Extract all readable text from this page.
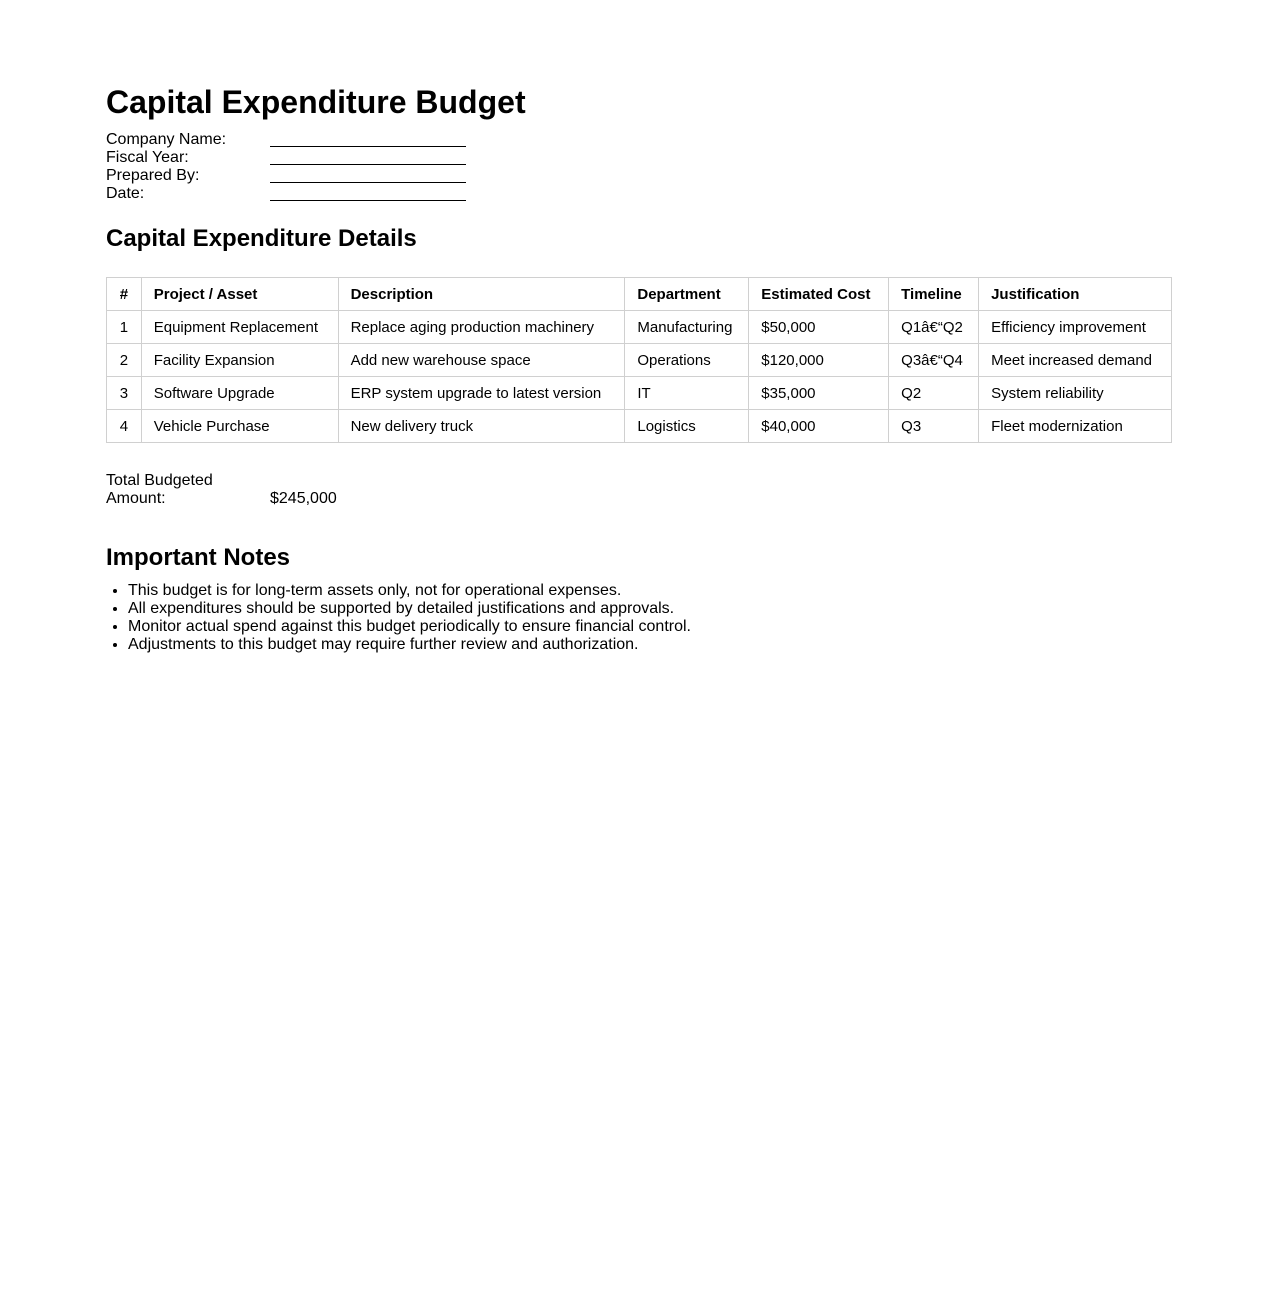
Capital Expenditure Budget
Company Name:
Fiscal Year:
Prepared By:
Date:
Capital Expenditure Details
#	Project / Asset	Description	Department	Estimated Cost	Timeline	Justification
1	Equipment Replacement	Replace aging production machinery	Manufacturing	$50,000	Q1â€“Q2	Efficiency improvement
2	Facility Expansion	Add new warehouse space	Operations	$120,000	Q3â€“Q4	Meet increased demand
3	Software Upgrade	ERP system upgrade to latest version	IT	$35,000	Q2	System reliability
4	Vehicle Purchase	New delivery truck	Logistics	$40,000	Q3	Fleet modernization
Total Budgeted Amount:	$245,000
Important Notes
• This budget is for long-term assets only, not for operational expenses.
• All expenditures should be supported by detailed justifications and approvals.
• Monitor actual spend against this budget periodically to ensure financial control.
• Adjustments to this budget may require further review and authorization.
